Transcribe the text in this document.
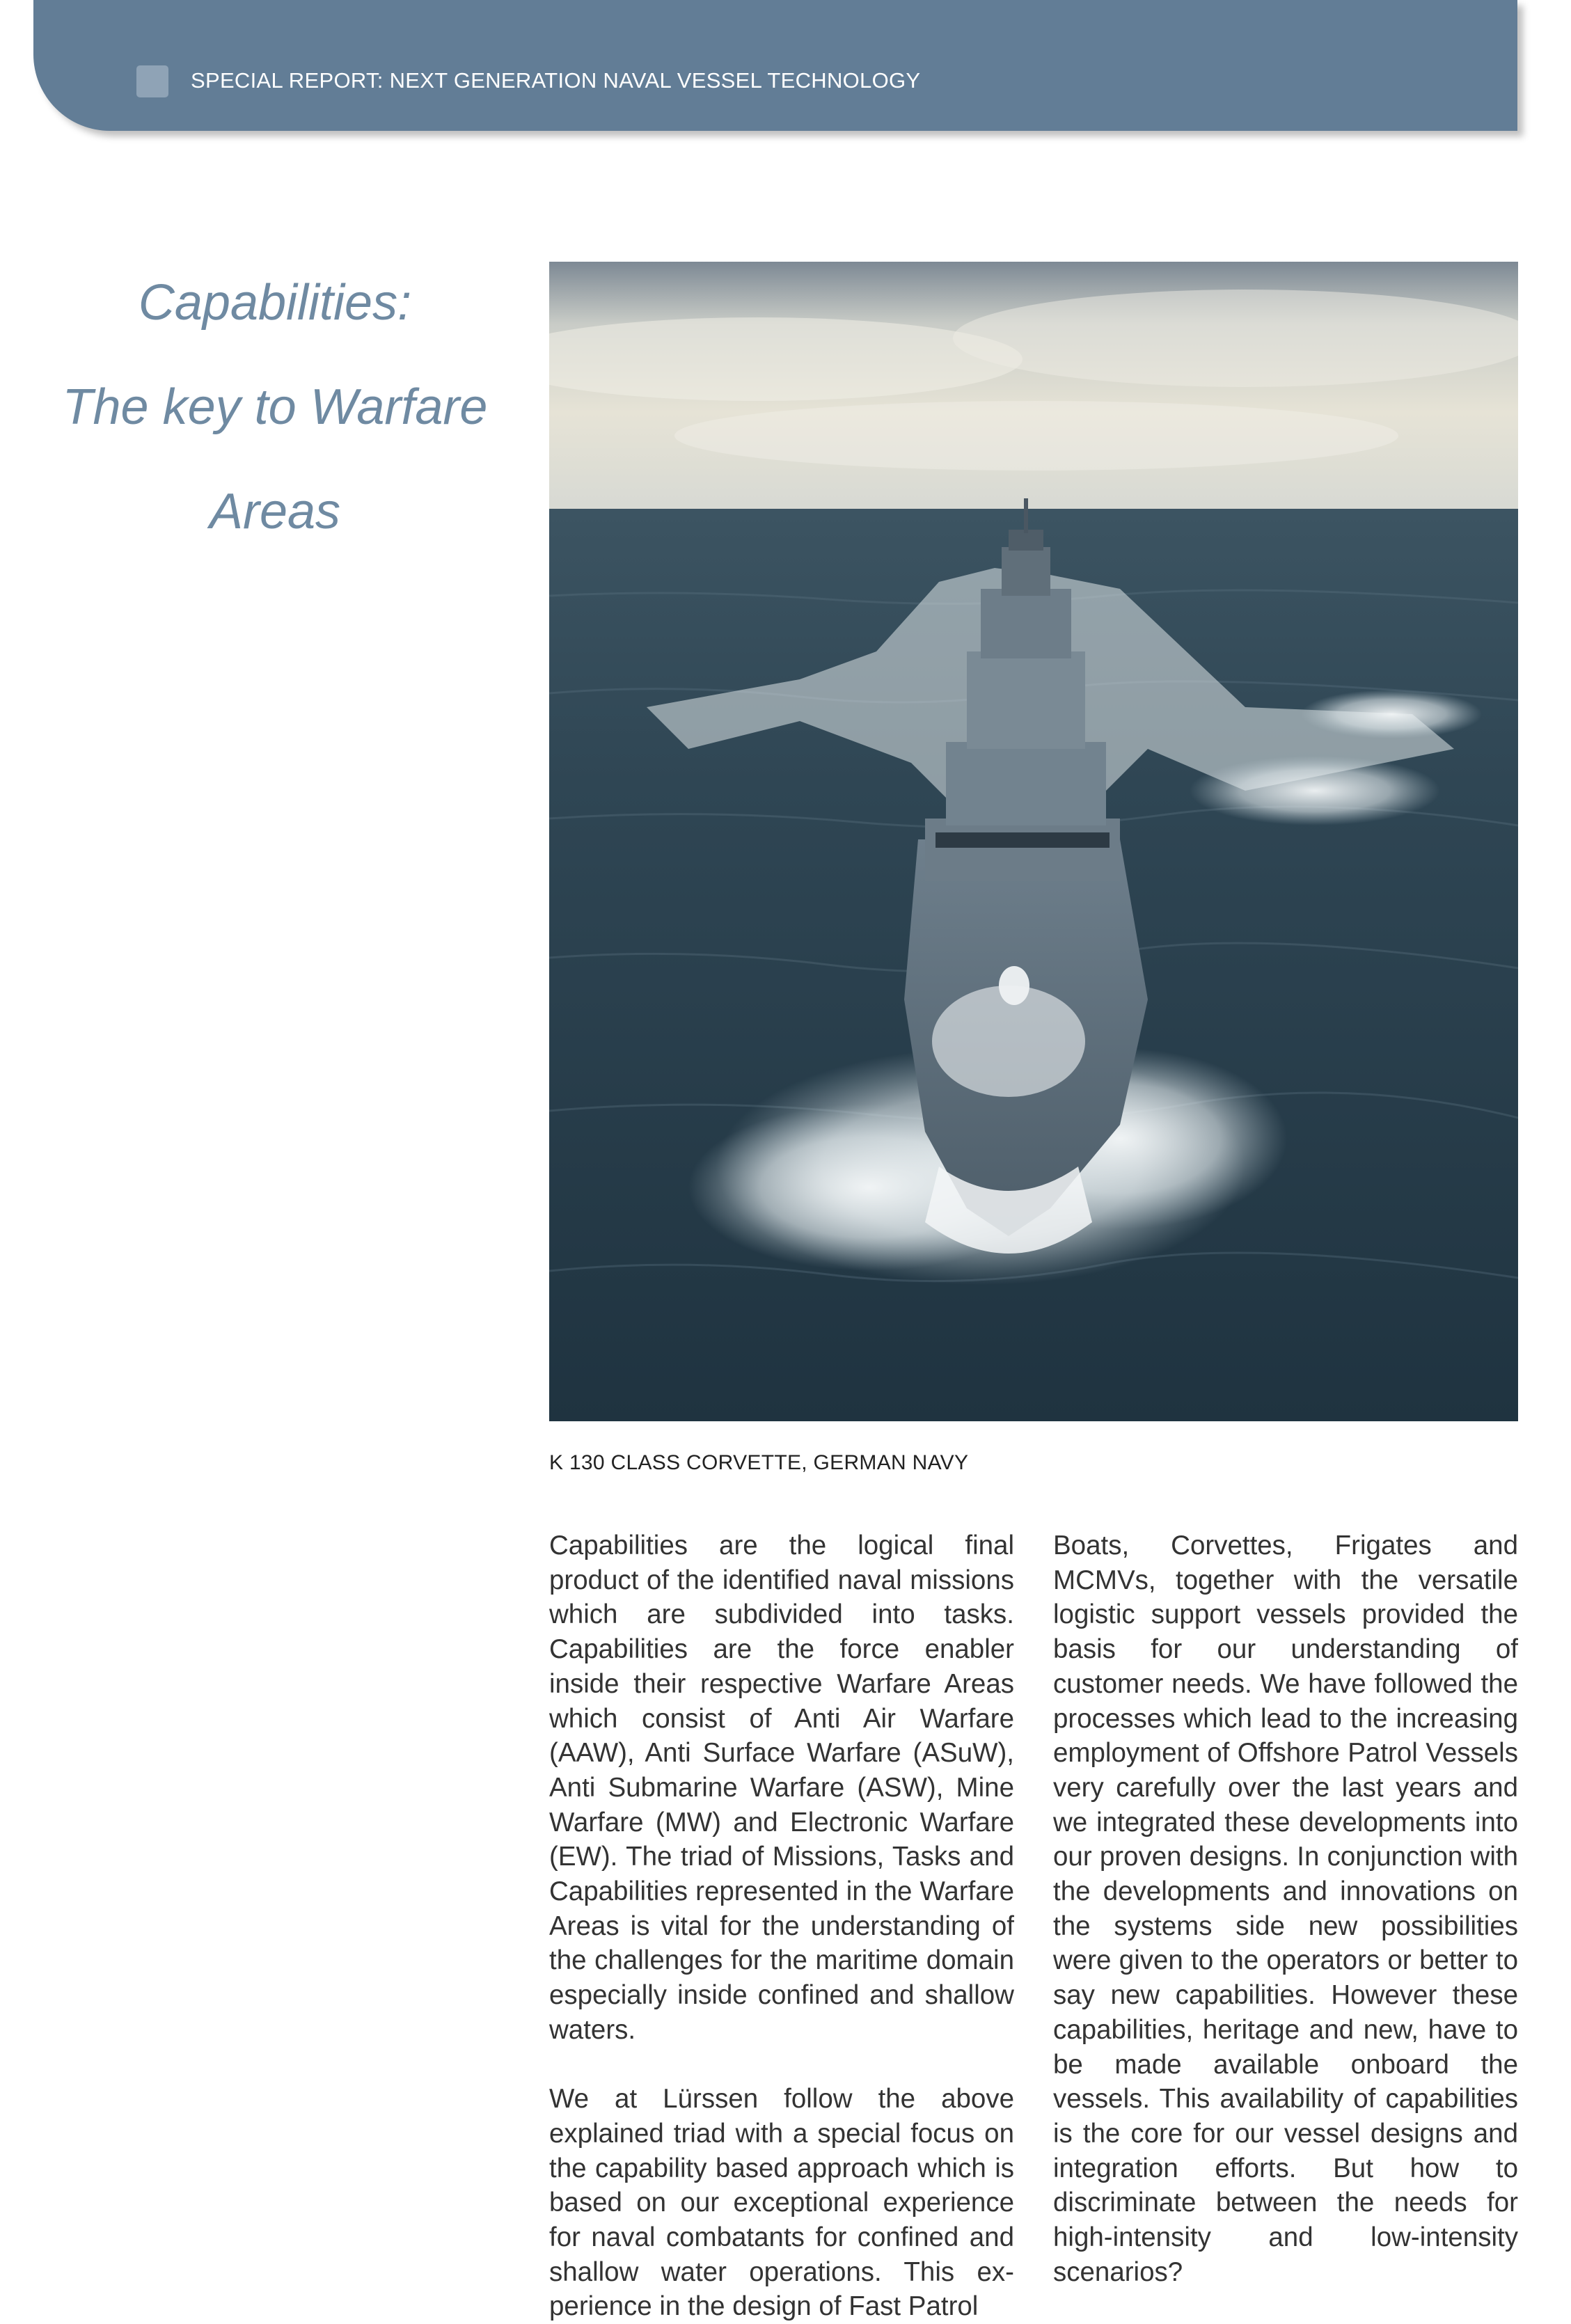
SPECIAL REPORT: NEXT GENERATION NAVAL VESSEL TECHNOLOGY
Capabilities:
The key to Warfare
Areas
K 130 CLASS CORVETTE, GERMAN NAVY

Capabilities are the logical final product of the identified naval missions which are subdivided into tasks. Capabilities are the force enabler inside their respective Warfare Areas which consist of Anti Air Warfare (AAW), Anti Surface Warfare (ASuW), Anti Submarine Warfare (ASW), Mine Warfare (MW) and Electronic Warfare (EW). The triad of Missions, Tasks and Capabilities represented in the Warfare Areas is vital for the understanding of the challenges for the maritime domain especially inside confined and shallow waters.

We at Lürssen follow the above explained triad with a special focus on the capability based approach which is based on our exceptional experience for naval combatants for confined and shallow water operations. This experience in the design of Fast Patrol

Boats, Corvettes, Frigates and MCMVs, together with the versatile logistic support vessels provided the basis for our understanding of customer needs. We have followed the processes which lead to the increasing employment of Offshore Patrol Vessels very carefully over the last years and we integrated these developments into our proven designs. In conjunction with the developments and innovations on the systems side new possibilities were given to the operators or better to say new capabilities. However these capabilities, heritage and new, have to be made available onboard the vessels. This availability of capabilities is the core for our vessel designs and integration efforts. But how to discriminate between the needs for high-intensity and low-intensity scenarios?
